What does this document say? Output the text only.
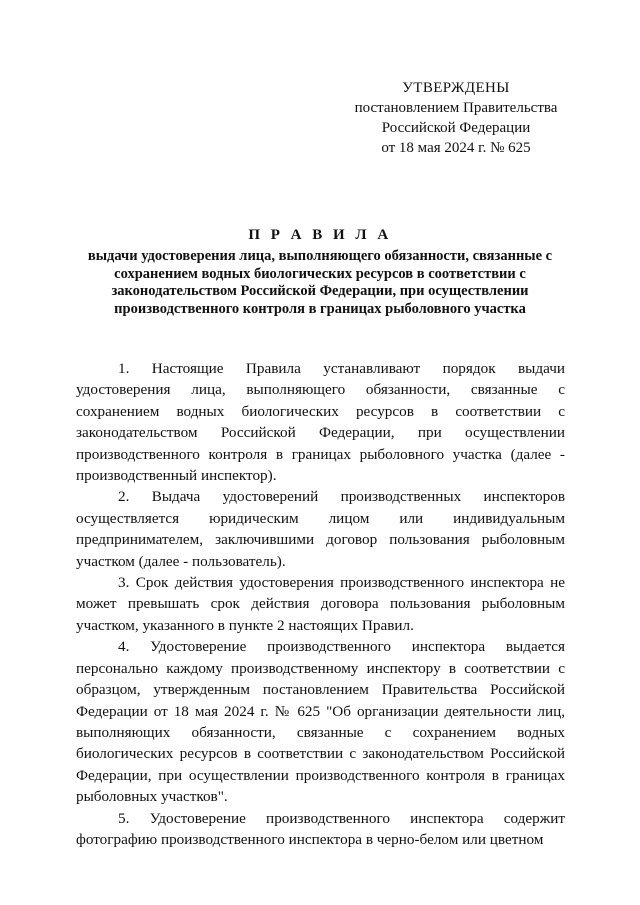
УТВЕРЖДЕНЫ
постановлением Правительства
Российской Федерации
от 18 мая 2024 г. № 625
П Р А В И Л А
выдачи удостоверения лица, выполняющего обязанности, связанные с сохранением водных биологических ресурсов в соответствии с законодательством Российской Федерации, при осуществлении производственного контроля в границах рыболовного участка

1. Настоящие Правила устанавливают порядок выдачи удостоверения лица, выполняющего обязанности, связанные с сохранением водных биологических ресурсов в соответствии с законодательством Российской Федерации, при осуществлении производственного контроля в границах рыболовного участка (далее - производственный инспектор).

2. Выдача удостоверений производственных инспекторов осуществляется юридическим лицом или индивидуальным предпринимателем, заключившими договор пользования рыболовным участком (далее - пользователь).

3. Срок действия удостоверения производственного инспектора не может превышать срок действия договора пользования рыболовным участком, указанного в пункте 2 настоящих Правил.

4. Удостоверение производственного инспектора выдается персонально каждому производственному инспектору в соответствии с образцом, утвержденным постановлением Правительства Российской Федерации от 18 мая 2024 г. № 625 "Об организации деятельности лиц, выполняющих обязанности, связанные с сохранением водных биологических ресурсов в соответствии с законодательством Российской Федерации, при осуществлении производственного контроля в границах рыболовных участков".

5. Удостоверение производственного инспектора содержит фотографию производственного инспектора в черно-белом или цветном
